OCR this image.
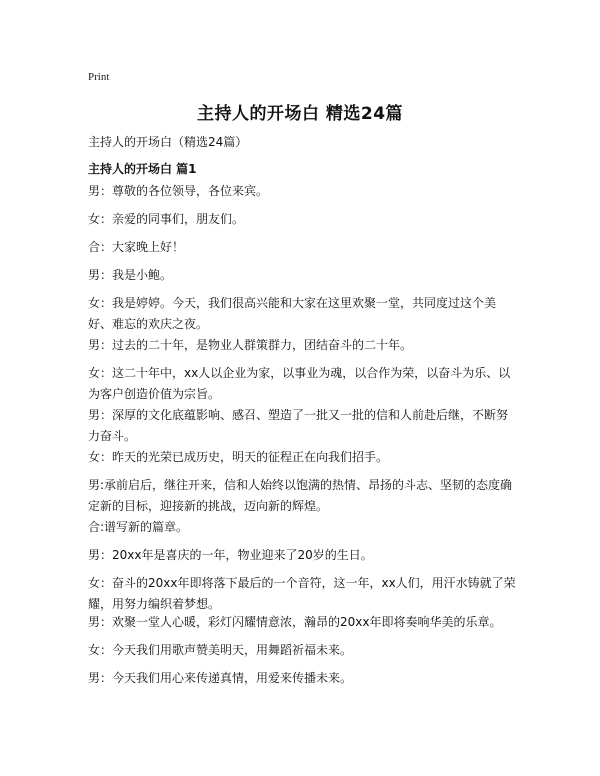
Print
主持人的开场白 精选24篇

主持人的开场白（精选24篇）

主持人的开场白 篇1

男：尊敬的各位领导，各位来宾。

女：亲爱的同事们，朋友们。

合：大家晚上好！

男：我是小鲍。

女：我是婷婷。今天，我们很高兴能和大家在这里欢聚一堂，共同度过这个美好、难忘的欢庆之夜。

男：过去的二十年，是物业人群策群力，团结奋斗的二十年。

女：这二十年中，xx人以企业为家，以事业为魂，以合作为荣，以奋斗为乐、以为客户创造价值为宗旨。

男：深厚的文化底蕴影响、感召、塑造了一批又一批的信和人前赴后继，不断努力奋斗。

女：昨天的光荣已成历史，明天的征程正在向我们招手。

男:承前启后，继往开来，信和人始终以饱满的热情、昂扬的斗志、坚韧的态度确定新的目标，迎接新的挑战，迈向新的辉煌。

合:谱写新的篇章。

男：20xx年是喜庆的一年，物业迎来了20岁的生日。

女：奋斗的20xx年即将落下最后的一个音符，这一年，xx人们，用汗水铸就了荣耀，用努力编织着梦想。

男：欢聚一堂人心暖，彩灯闪耀情意浓，瀚昂的20xx年即将奏响华美的乐章。

女：今天我们用歌声赞美明天，用舞蹈祈福未来。

男：今天我们用心来传递真情，用爱来传播未来。
